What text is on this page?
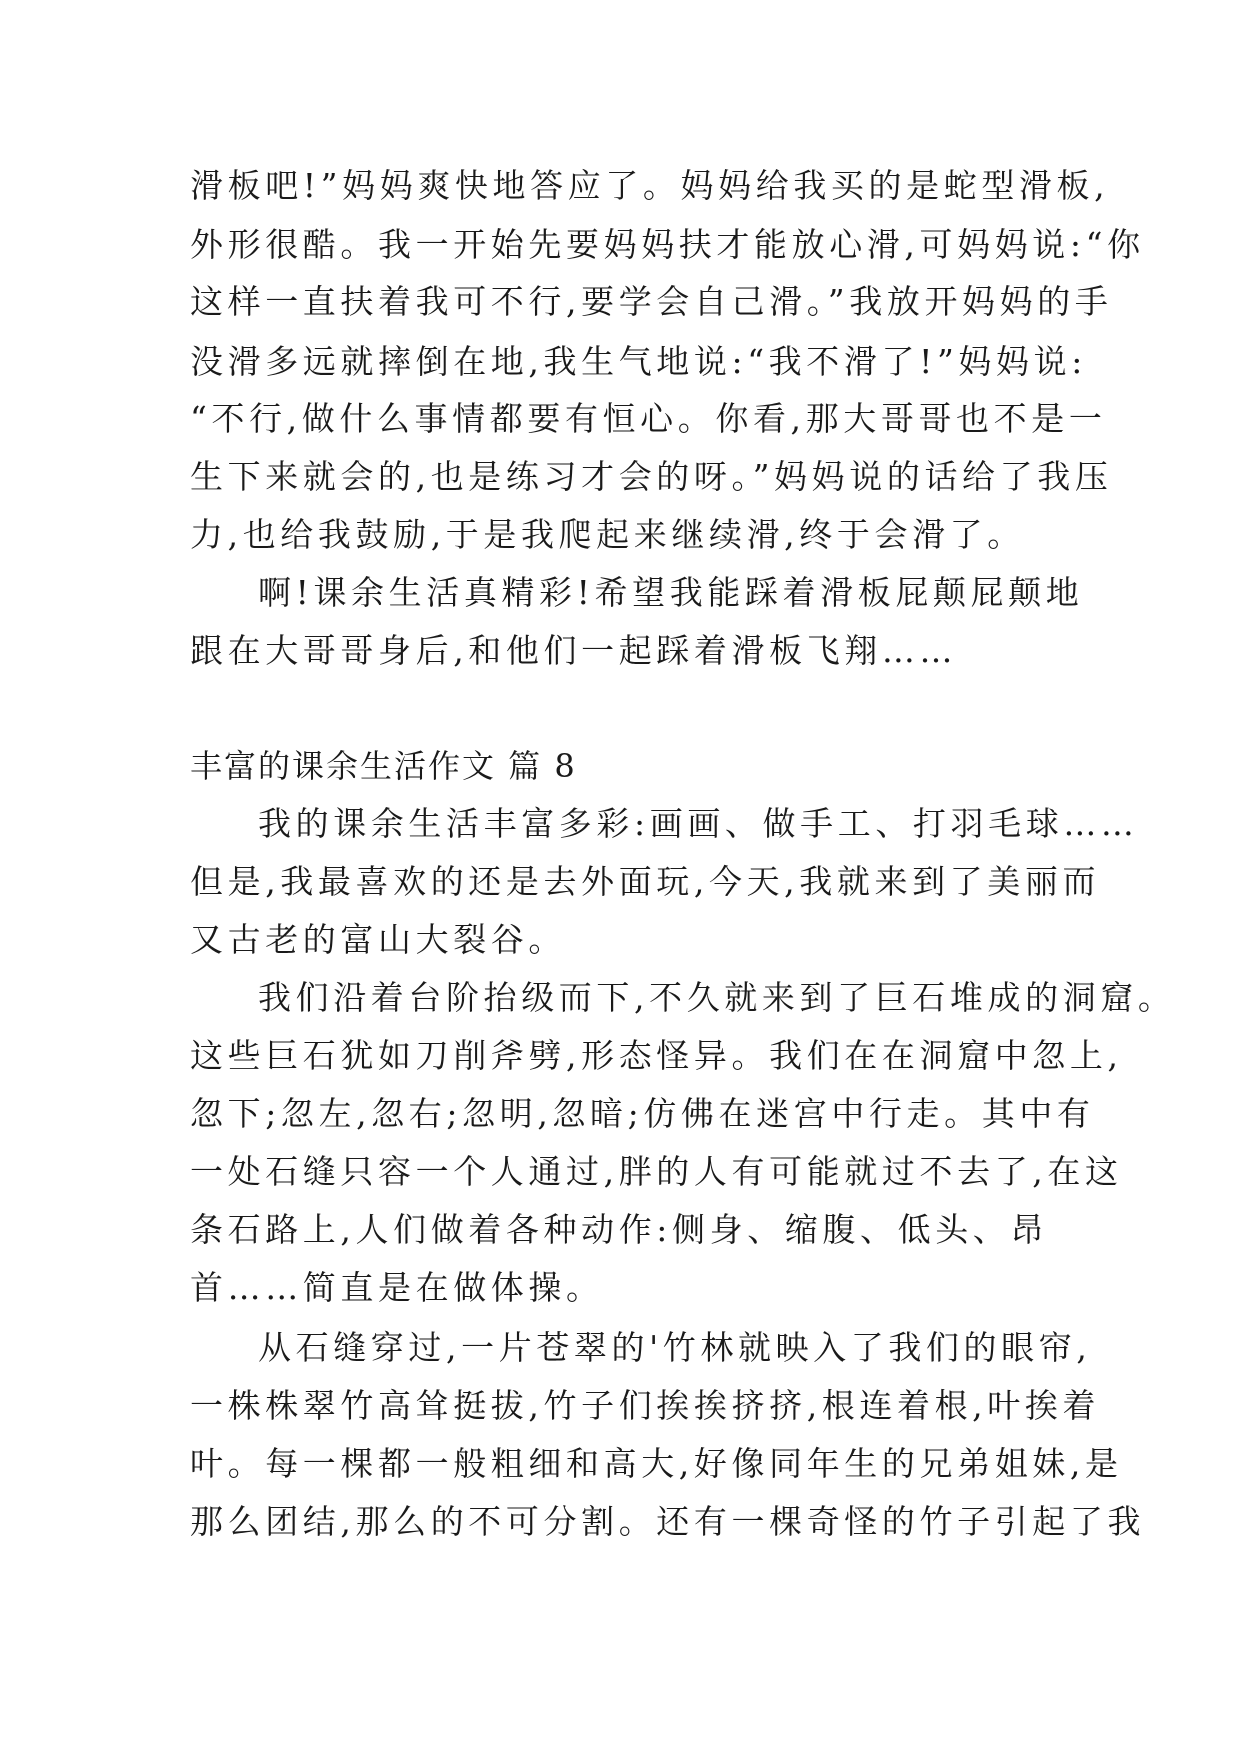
滑板吧!”妈妈爽快地答应了。妈妈给我买的是蛇型滑板,
外形很酷。我一开始先要妈妈扶才能放心滑,可妈妈说:“你
这样一直扶着我可不行,要学会自己滑。”我放开妈妈的手
没滑多远就摔倒在地,我生气地说:“我不滑了!”妈妈说:
“不行,做什么事情都要有恒心。你看,那大哥哥也不是一
生下来就会的,也是练习才会的呀。”妈妈说的话给了我压
力,也给我鼓励,于是我爬起来继续滑,终于会滑了。
啊!课余生活真精彩!希望我能踩着滑板屁颠屁颠地
跟在大哥哥身后,和他们一起踩着滑板飞翔……
丰富的课余生活作文 篇 8
我的课余生活丰富多彩:画画、做手工、打羽毛球……
但是,我最喜欢的还是去外面玩,今天,我就来到了美丽而
又古老的富山大裂谷。
我们沿着台阶抬级而下,不久就来到了巨石堆成的洞窟。
这些巨石犹如刀削斧劈,形态怪异。我们在在洞窟中忽上,
忽下;忽左,忽右;忽明,忽暗;仿佛在迷宫中行走。其中有
一处石缝只容一个人通过,胖的人有可能就过不去了,在这
条石路上,人们做着各种动作:侧身、缩腹、低头、昂
首……简直是在做体操。
从石缝穿过,一片苍翠的'竹林就映入了我们的眼帘,
一株株翠竹高耸挺拔,竹子们挨挨挤挤,根连着根,叶挨着
叶。每一棵都一般粗细和高大,好像同年生的兄弟姐妹,是
那么团结,那么的不可分割。还有一棵奇怪的竹子引起了我
